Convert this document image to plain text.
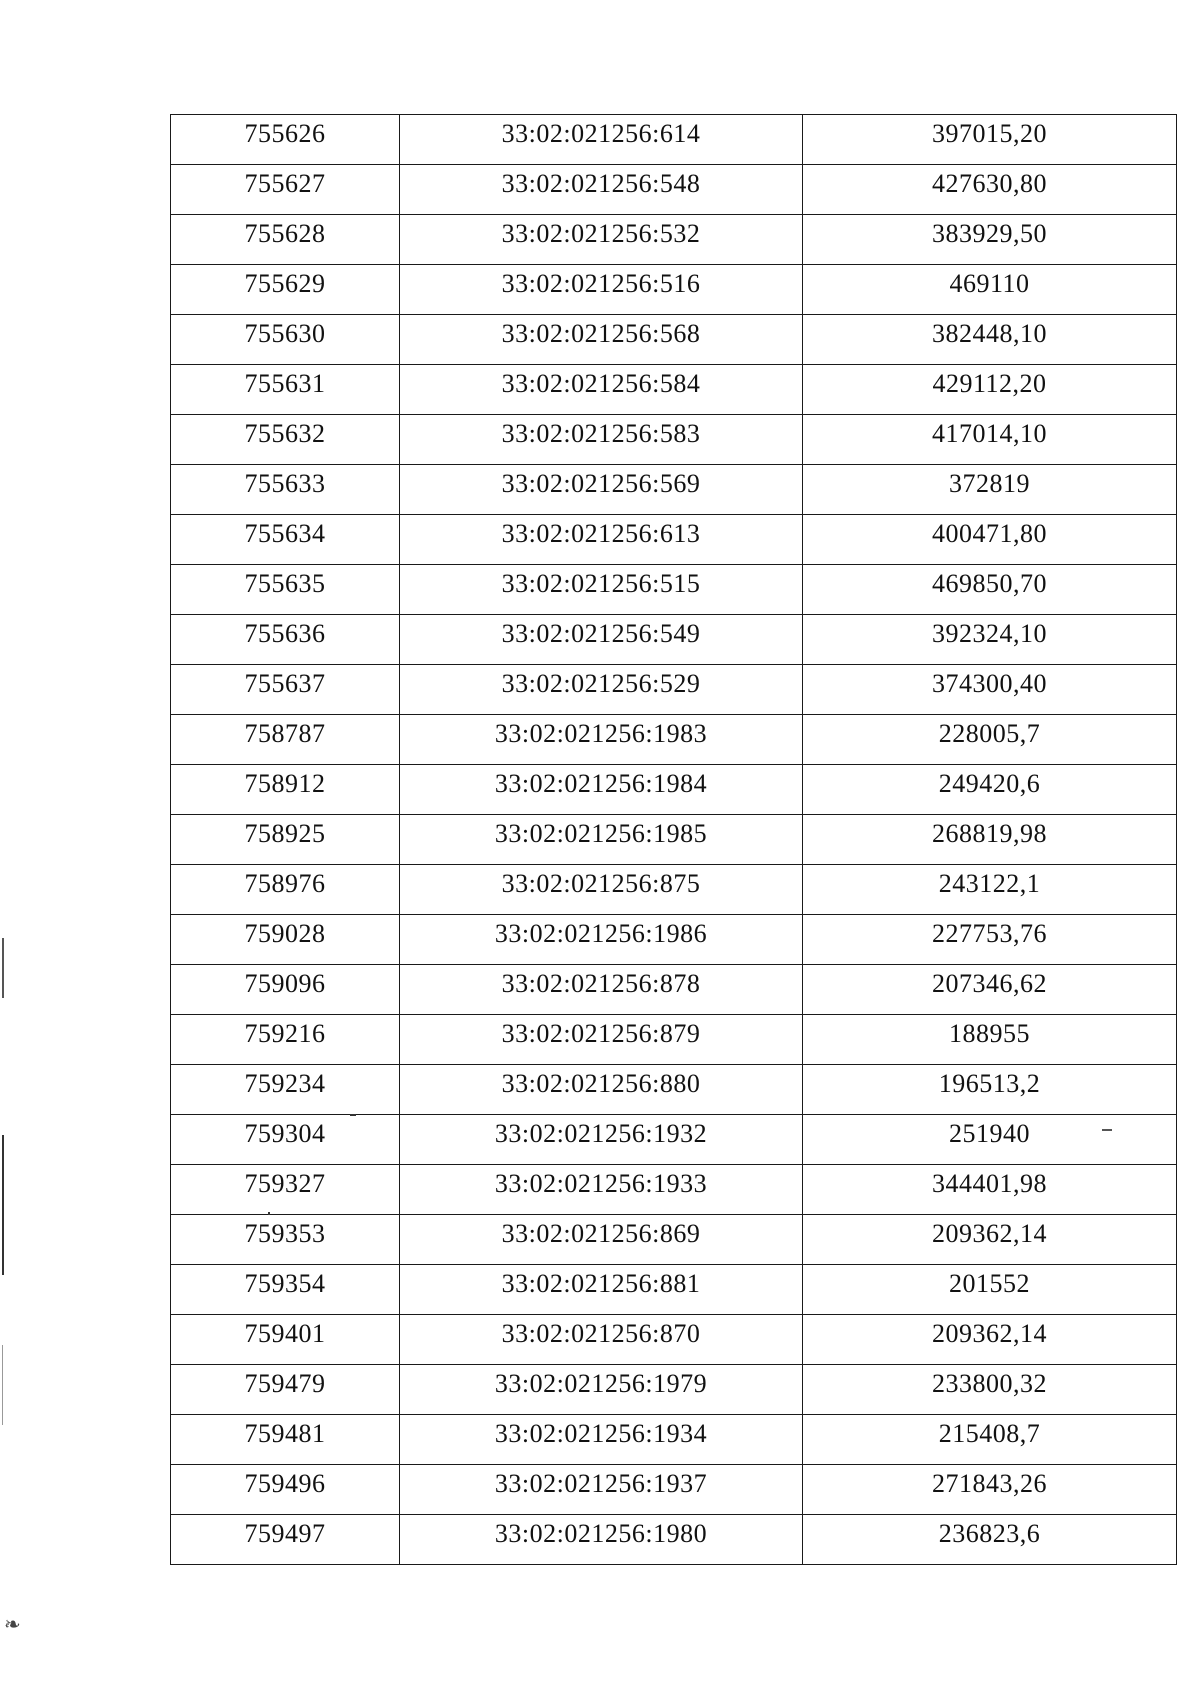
755626	33:02:021256:614	397015,20
755627	33:02:021256:548	427630,80
755628	33:02:021256:532	383929,50
755629	33:02:021256:516	469110
755630	33:02:021256:568	382448,10
755631	33:02:021256:584	429112,20
755632	33:02:021256:583	417014,10
755633	33:02:021256:569	372819
755634	33:02:021256:613	400471,80
755635	33:02:021256:515	469850,70
755636	33:02:021256:549	392324,10
755637	33:02:021256:529	374300,40
758787	33:02:021256:1983	228005,7
758912	33:02:021256:1984	249420,6
758925	33:02:021256:1985	268819,98
758976	33:02:021256:875	243122,1
759028	33:02:021256:1986	227753,76
759096	33:02:021256:878	207346,62
759216	33:02:021256:879	188955
759234	33:02:021256:880	196513,2
759304	33:02:021256:1932	251940
759327	33:02:021256:1933	344401,98
759353	33:02:021256:869	209362,14
759354	33:02:021256:881	201552
759401	33:02:021256:870	209362,14
759479	33:02:021256:1979	233800,32
759481	33:02:021256:1934	215408,7
759496	33:02:021256:1937	271843,26
759497	33:02:021256:1980	236823,6
❧
